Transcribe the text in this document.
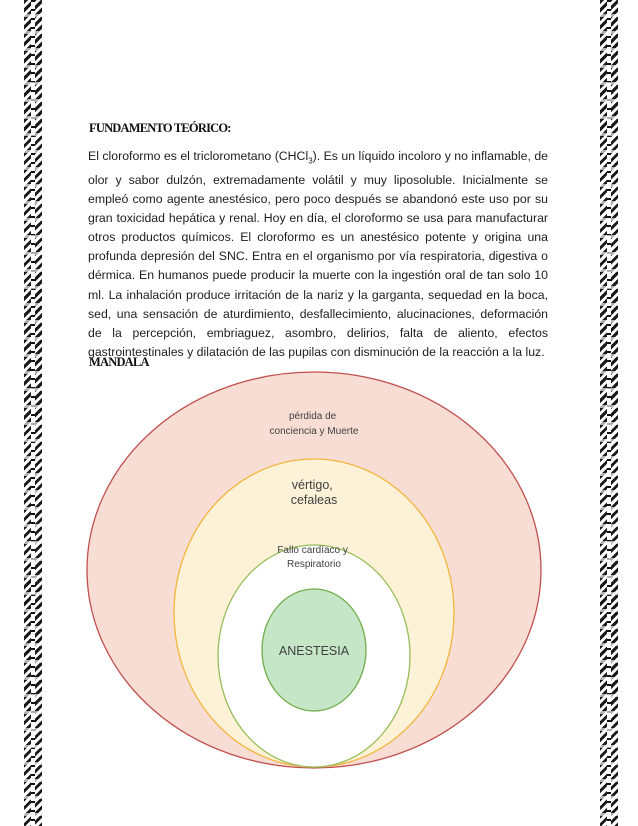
FUNDAMENTO TEÓRICO:
El cloroformo es el triclorometano (CHCl$_3$). Es un líquido incoloro y no inflamable, de olor y sabor dulzón, extremadamente volátil y muy liposoluble. Inicialmente se empleó como agente anestésico, pero poco después se abandonó este uso por su gran toxicidad hepática y renal. Hoy en día, el cloroformo se usa para manufacturar otros productos químicos. El cloroformo es un anestésico potente y origina una profunda depresión del SNC. Entra en el organismo por vía respiratoria, digestiva o dérmica. En humanos puede producir la muerte con la ingestión oral de tan solo 10 ml. La inhalación produce irritación de la nariz y la garganta, sequedad en la boca, sed, una sensación de aturdimiento, desfallecimiento, alucinaciones, deformación de la percepción, embriaguez, asombro, delirios, falta de aliento, efectos gastrointestinales y dilatación de las pupilas con disminución de la reacción a la luz.
MANDALA
pérdida de conciencia y Muerte
vértigo, cefaleas
Fallo cardíaco y Respiratorio
ANESTESIA
